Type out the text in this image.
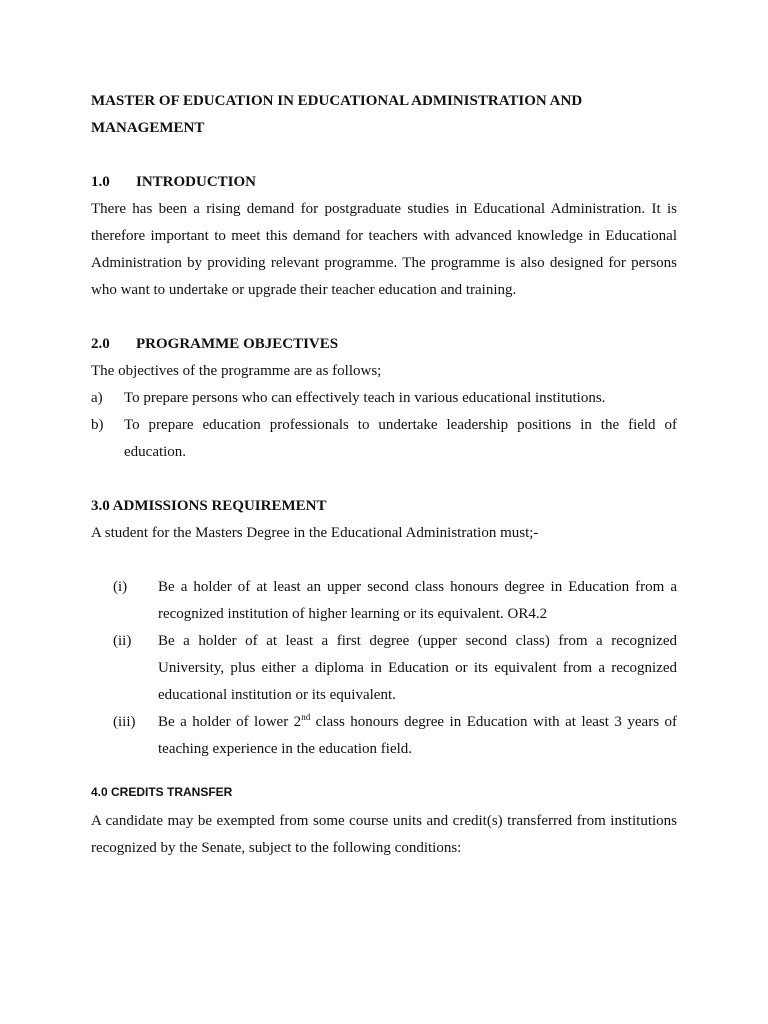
MASTER OF EDUCATION IN EDUCATIONAL ADMINISTRATION AND MANAGEMENT

1.0	INTRODUCTION

There has been a rising demand for postgraduate studies in Educational Administration. It is therefore important to meet this demand for teachers with advanced knowledge in Educational Administration by providing relevant programme. The programme is also designed for persons who want to undertake or upgrade their teacher education and training.

2.0	PROGRAMME OBJECTIVES

The objectives of the programme are as follows;

a)	To prepare persons who can effectively teach in various educational institutions.
b)	To prepare education professionals to undertake leadership positions in the field of education.

3.0 ADMISSIONS REQUIREMENT

A student for the Masters Degree in the Educational Administration must;-

(i)	Be a holder of at least an upper second class honours degree in Education from a recognized institution of higher learning or its equivalent. OR4.2
(ii)	Be a holder of at least a first degree (upper second class) from a recognized University, plus either a diploma in Education or its equivalent from a recognized educational institution or its equivalent.
(iii)	Be a holder of lower 2nd class honours degree in Education with at least 3 years of teaching experience in the education field.

4.0 CREDITS TRANSFER

A candidate may be exempted from some course units and credit(s) transferred from institutions recognized by the Senate, subject to the following conditions:
